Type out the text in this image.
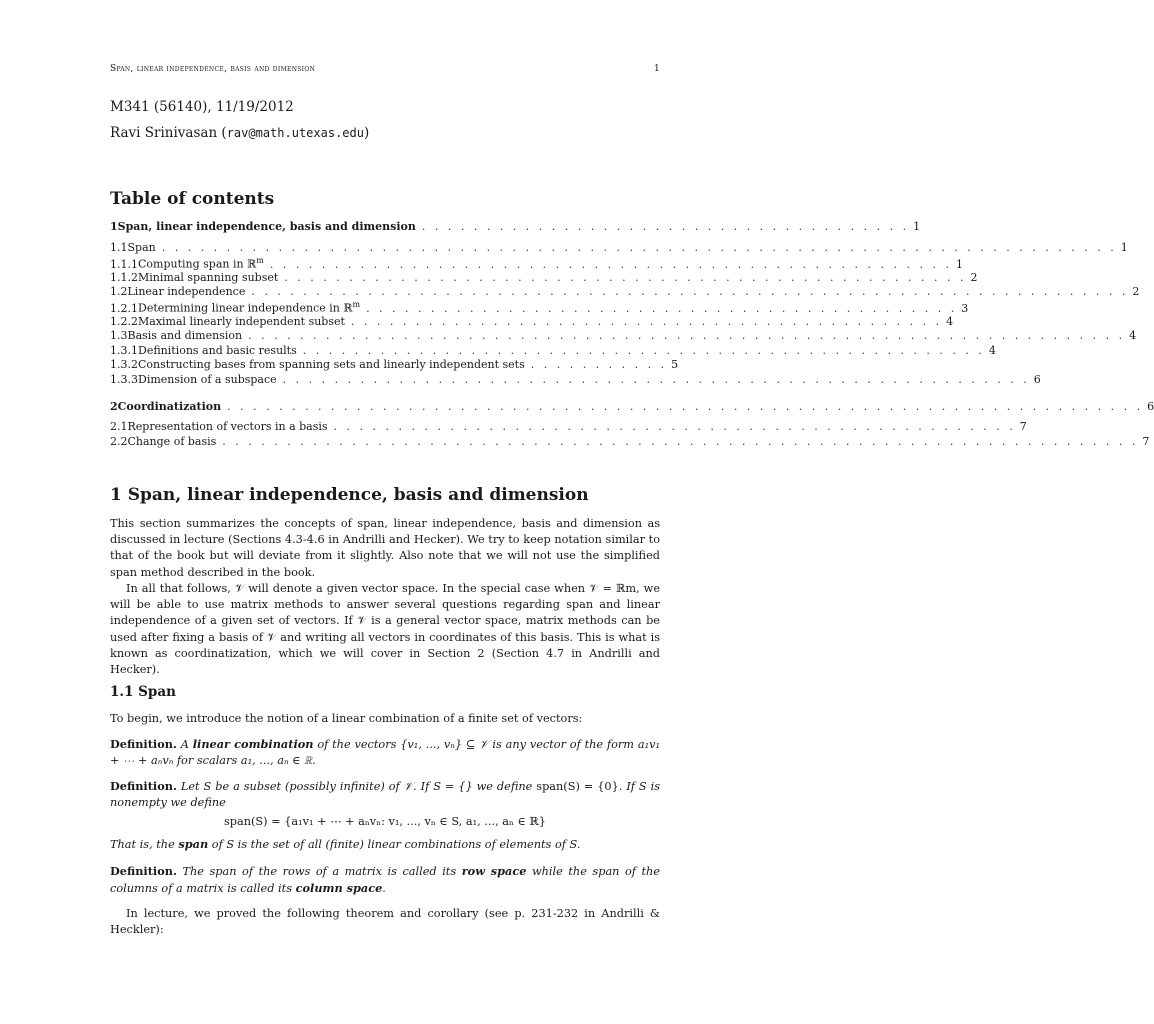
Span, linear independence, basis and dimension	1
M341 (56140), 11/19/2012
Ravi Srinivasan (rav@math.utexas.edu)
Table of contents
1 Span, linear independence, basis and dimension . . . . . . . . . . . . . . . . . . . . . . . . . . . . . . . . . . . . . . 1
1.1 Span . . . . . . . . . . . . . . . . . . . . . . . . . . . . . . . . . . . . . . . . . . . . . . . . . . . . . . . . . . . . . . . . . . . . . . . . . . 1
1.1.1 Computing span in ℝ$^m$ . . . . . . . . . . . . . . . . . . . . . . . . . . . . . . . . . . . . . . . . . . . . . . . . . . . . . 1
1.1.2 Minimal spanning subset . . . . . . . . . . . . . . . . . . . . . . . . . . . . . . . . . . . . . . . . . . . . . . . . . . . . . 2
1.2 Linear independence . . . . . . . . . . . . . . . . . . . . . . . . . . . . . . . . . . . . . . . . . . . . . . . . . . . . . . . . . . . . . . . . . . . . 2
1.2.1 Determining linear independence in ℝ$^m$ . . . . . . . . . . . . . . . . . . . . . . . . . . . . . . . . . . . . . . . . . . . . . . 3
1.2.2 Maximal linearly independent subset . . . . . . . . . . . . . . . . . . . . . . . . . . . . . . . . . . . . . . . . . . . . . . 4
1.3 Basis and dimension . . . . . . . . . . . . . . . . . . . . . . . . . . . . . . . . . . . . . . . . . . . . . . . . . . . . . . . . . . . . . . . . . . . . 4
1.3.1 Definitions and basic results . . . . . . . . . . . . . . . . . . . . . . . . . . . . . . . . . . . . . . . . . . . . . . . . . . . . . 4
1.3.2 Constructing bases from spanning sets and linearly independent sets . . . . . . . . . . . 5
1.3.3 Dimension of a subspace . . . . . . . . . . . . . . . . . . . . . . . . . . . . . . . . . . . . . . . . . . . . . . . . . . . . . . . . . . 6
2 Coordinatization . . . . . . . . . . . . . . . . . . . . . . . . . . . . . . . . . . . . . . . . . . . . . . . . . . . . . . . . . . . . . . . . . . . . . . . 6
2.1 Representation of vectors in a basis . . . . . . . . . . . . . . . . . . . . . . . . . . . . . . . . . . . . . . . . . . . . . . . . . . . . . 7
2.2 Change of basis . . . . . . . . . . . . . . . . . . . . . . . . . . . . . . . . . . . . . . . . . . . . . . . . . . . . . . . . . . . . . . . . . . . . . . . 7
1 Span, linear independence, basis and dimension
This section summarizes the concepts of span, linear independence, basis and dimension as discussed in lecture (Sections 4.3-4.6 in Andrilli and Hecker). We try to keep notation similar to that of the book but will deviate from it slightly. Also note that we will not use the simplified span method described in the book.
In all that follows, 𝒱 will denote a given vector space. In the special case when 𝒱 = ℝm, we will be able to use matrix methods to answer several questions regarding span and linear independence of a given set of vectors. If 𝒱 is a general vector space, matrix methods can be used after fixing a basis of 𝒱 and writing all vectors in coordinates of this basis. This is what is known as coordinatization, which we will cover in Section 2 (Section 4.7 in Andrilli and Hecker).
1.1 Span
To begin, we introduce the notion of a linear combination of a finite set of vectors:
Definition. A linear combination of the vectors {v₁, ..., vₙ} ⊆ 𝒱 is any vector of the form a₁v₁ + ⋯ + aₙvₙ for scalars a₁, ..., aₙ ∈ ℝ.
Definition. Let S be a subset (possibly infinite) of 𝒱. If S = {} we define span(S) = {0}. If S is nonempty we define
span(S) = {a₁v₁ + ⋯ + aₙvₙ: v₁, ..., vₙ ∈ S, a₁, ..., aₙ ∈ ℝ}
That is, the span of S is the set of all (finite) linear combinations of elements of S.
Definition. The span of the rows of a matrix is called its row space while the span of the columns of a matrix is called its column space.
In lecture, we proved the following theorem and corollary (see p. 231-232 in Andrilli & Heckler):
